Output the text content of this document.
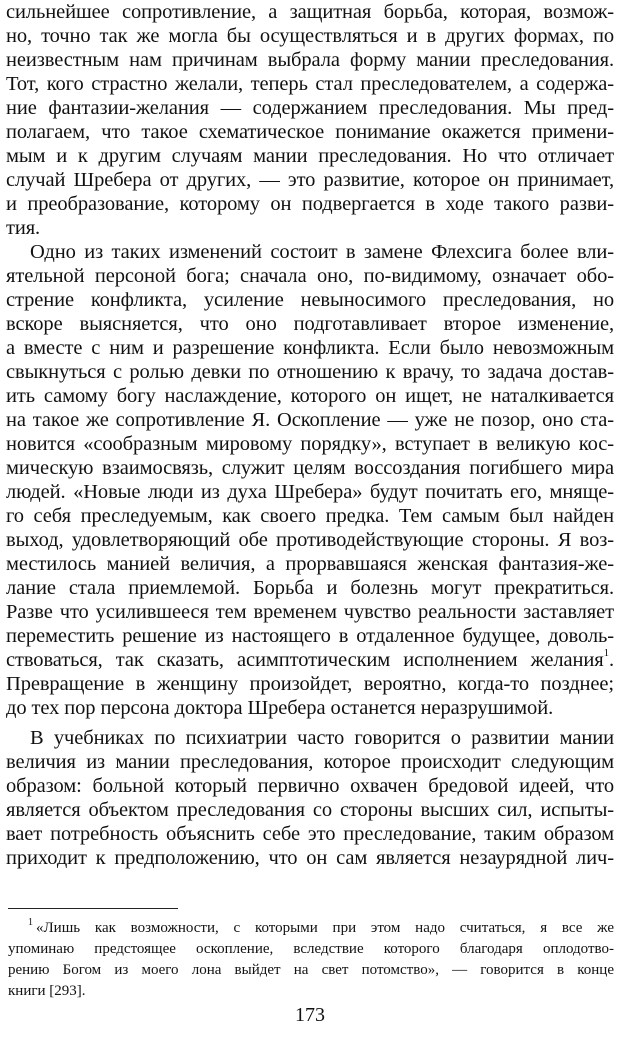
сильнейшее сопротивление, а защитная борьба, которая, возмож-
но, точно так же могла бы осуществляться и в других формах, по
неизвестным нам причинам выбрала форму мании преследования.
Тот, кого страстно желали, теперь стал преследователем, а содержа-
ние фантазии-желания — содержанием преследования. Мы пред-
полагаем, что такое схематическое понимание окажется примени-
мым и к другим случаям мании преследования. Но что отличает
случай Шребера от других, — это развитие, которое он принимает,
и преобразование, которому он подвергается в ходе такого разви-
тия.
Одно из таких изменений состоит в замене Флехсига более вли-
ятельной персоной бога; сначала оно, по-видимому, означает обо-
стрение конфликта, усиление невыносимого преследования, но
вскоре выясняется, что оно подготавливает второе изменение,
а вместе с ним и разрешение конфликта. Если было невозможным
свыкнуться с ролью девки по отношению к врачу, то задача достав-
ить самому богу наслаждение, которого он ищет, не наталкивается
на такое же сопротивление Я. Оскопление — уже не позор, оно ста-
новится «сообразным мировому порядку», вступает в великую кос-
мическую взаимосвязь, служит целям воссоздания погибшего мира
людей. «Новые люди из духа Шребера» будут почитать его, мняще-
го себя преследуемым, как своего предка. Тем самым был найден
выход, удовлетворяющий обе противодействующие стороны. Я воз-
местилось манией величия, а прорвавшаяся женская фантазия-же-
лание стала приемлемой. Борьба и болезнь могут прекратиться.
Разве что усилившееся тем временем чувство реальности заставляет
переместить решение из настоящего в отдаленное будущее, доволь-
ствоваться, так сказать, асимптотическим исполнением желания$^1$.
Превращение в женщину произойдет, вероятно, когда-то позднее;
до тех пор персона доктора Шребера останется неразрушимой.
В учебниках по психиатрии часто говорится о развитии мании
величия из мании преследования, которое происходит следующим
образом: больной который первично охвачен бредовой идеей, что
является объектом преследования со стороны высших сил, испыты-
вает потребность объяснить себе это преследование, таким образом
приходит к предположению, что он сам является незаурядной лич-
$^1$ «Лишь как возможности, с которыми при этом надо считаться, я все же
упоминаю предстоящее оскопление, вследствие которого благодаря оплодотво-
рению Богом из моего лона выйдет на свет потомство», — говорится в конце
книги [293].
173
